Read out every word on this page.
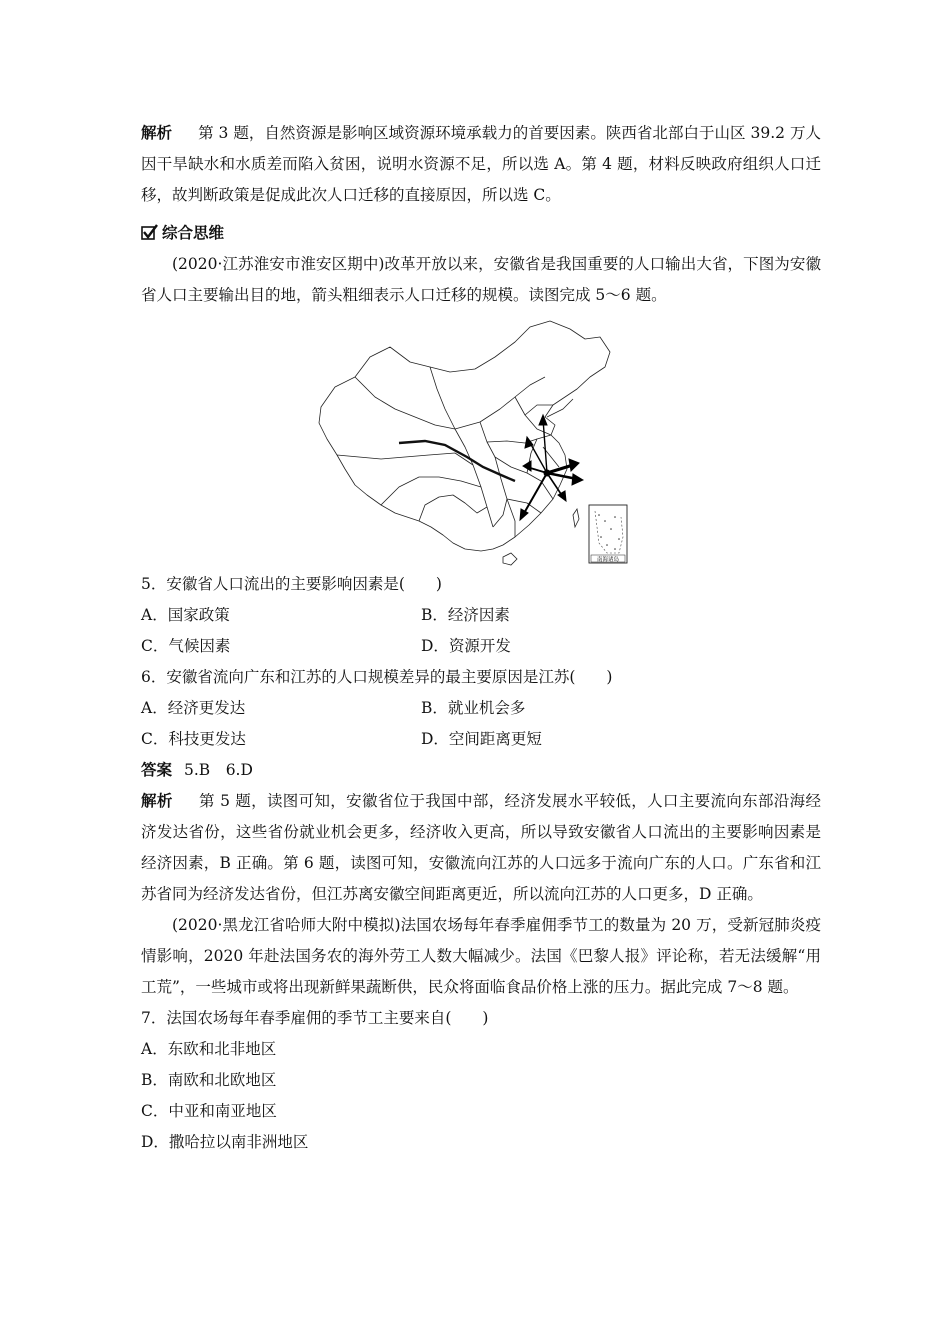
解析 第 3 题，自然资源是影响区域资源环境承载力的首要因素。陕西省北部白于山区 39.2 万人因干旱缺水和水质差而陷入贫困，说明水资源不足，所以选 A。第 4 题，材料反映政府组织人口迁移，故判断政策是促成此次人口迁移的直接原因，所以选 C。

综合思维

(2020·江苏淮安市淮安区期中)改革开放以来，安徽省是我国重要的人口输出大省，下图为安徽省人口主要输出目的地，箭头粗细表示人口迁移的规模。读图完成 5～6 题。

南海诸岛

5．安徽省人口流出的主要影响因素是(　　)

A．国家政策	B．经济因素
C．气候因素	D．资源开发

6．安徽省流向广东和江苏的人口规模差异的最主要原因是江苏(　　)

A．经济更发达	B．就业机会多
C．科技更发达	D．空间距离更短

答案 5.B　6.D

解析 第 5 题，读图可知，安徽省位于我国中部，经济发展水平较低，人口主要流向东部沿海经济发达省份，这些省份就业机会更多，经济收入更高，所以导致安徽省人口流出的主要影响因素是经济因素，B 正确。第 6 题，读图可知，安徽流向江苏的人口远多于流向广东的人口。广东省和江苏省同为经济发达省份，但江苏离安徽空间距离更近，所以流向江苏的人口更多，D 正确。

(2020·黑龙江省哈师大附中模拟)法国农场每年春季雇佣季节工的数量为 20 万，受新冠肺炎疫情影响，2020 年赴法国务农的海外劳工人数大幅减少。法国《巴黎人报》评论称，若无法缓解“用工荒”，一些城市或将出现新鲜果蔬断供，民众将面临食品价格上涨的压力。据此完成 7～8 题。

7．法国农场每年春季雇佣的季节工主要来自(　　)

A．东欧和北非地区

B．南欧和北欧地区

C．中亚和南亚地区

D．撒哈拉以南非洲地区
